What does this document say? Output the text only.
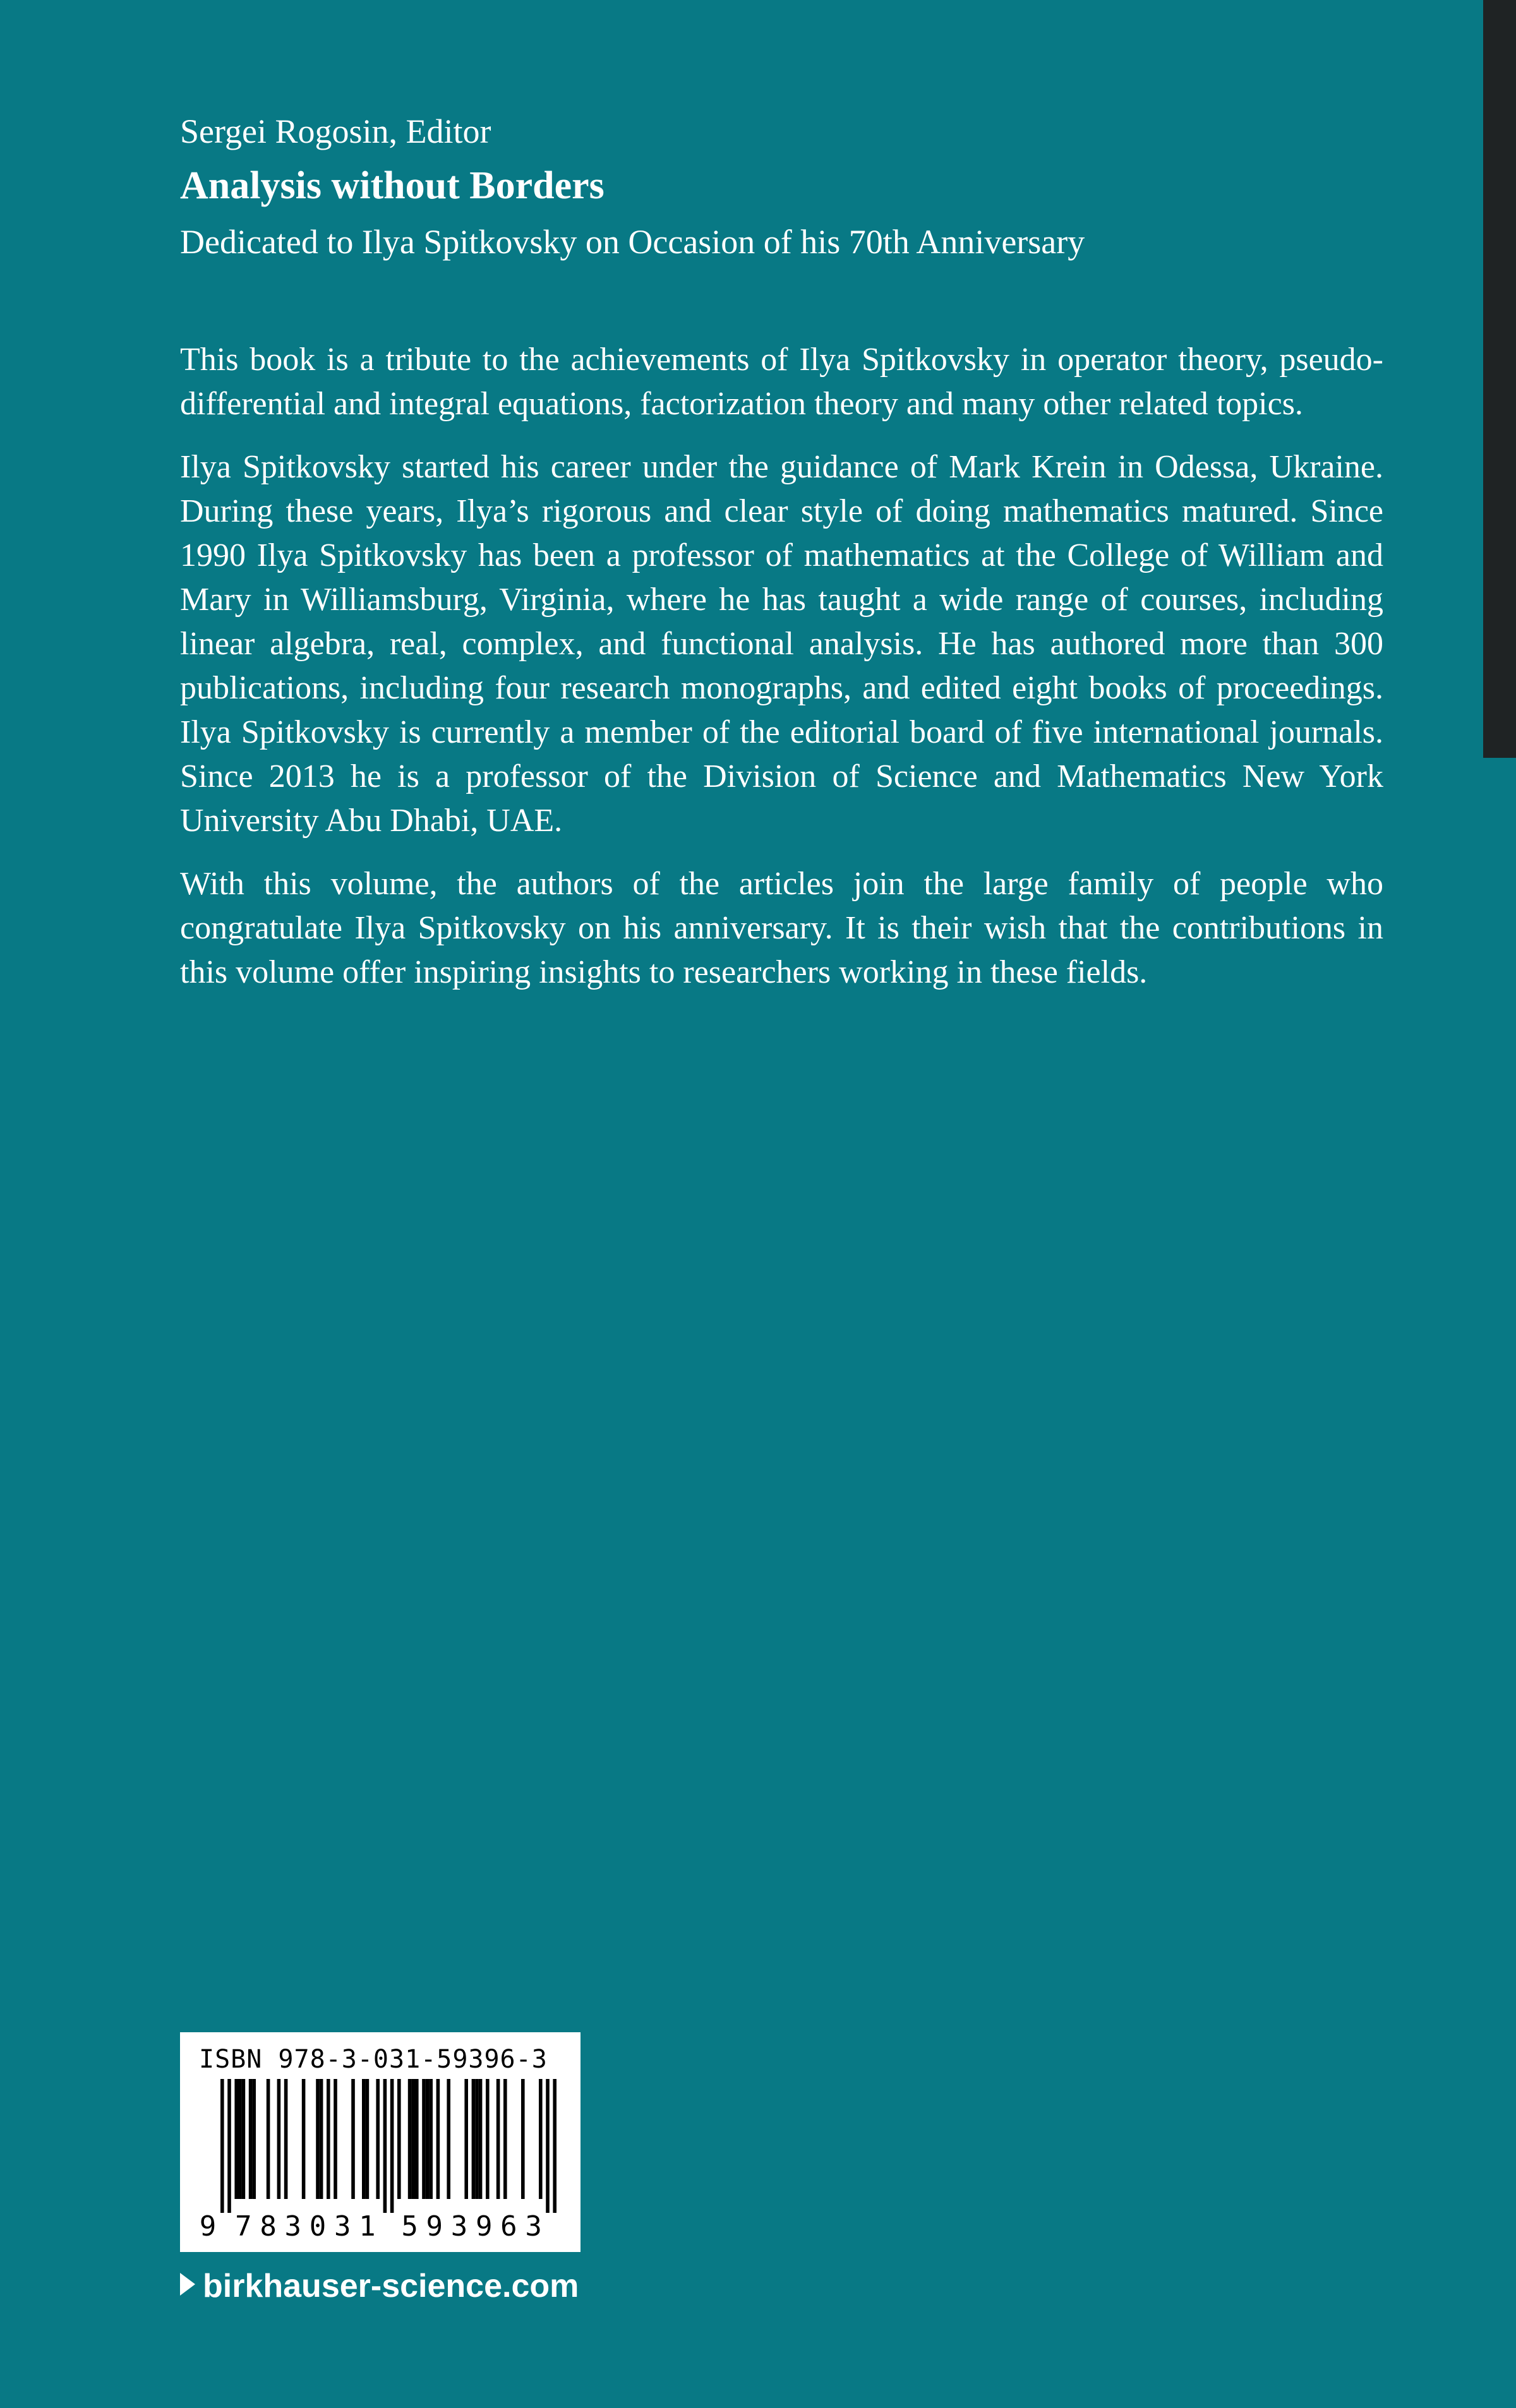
Sergei Rogosin, Editor
Analysis without Borders
Dedicated to Ilya Spitkovsky on Occasion of his 70th Anniversary

This book is a tribute to the achievements of Ilya Spitkovsky in operator theory, pseudo-differential and integral equations, factorization theory and many other related topics.

Ilya Spitkovsky started his career under the guidance of Mark Krein in Odessa, Ukraine. During these years, Ilya’s rigorous and clear style of doing mathematics matured. Since 1990 Ilya Spitkovsky has been a professor of mathematics at the College of William and Mary in Williamsburg, Virginia, where he has taught a wide range of courses, including linear algebra, real, complex, and functional analysis. He has authored more than 300 publications, including four research monographs, and edited eight books of proceedings. Ilya Spitkovsky is currently a member of the editorial board of five international journals. Since 2013 he is a professor of the Division of Science and Mathematics New York University Abu Dhabi, UAE.

With this volume, the authors of the articles join the large family of people who congratulate Ilya Spitkovsky on his anniversary. It is their wish that the contributions in this volume offer inspiring insights to researchers working in these fields.

ISBN 978-3-031-59396-3
9 7 8 3 0 3 1 5 9 3 9 6 3
birkhauser-science.com
